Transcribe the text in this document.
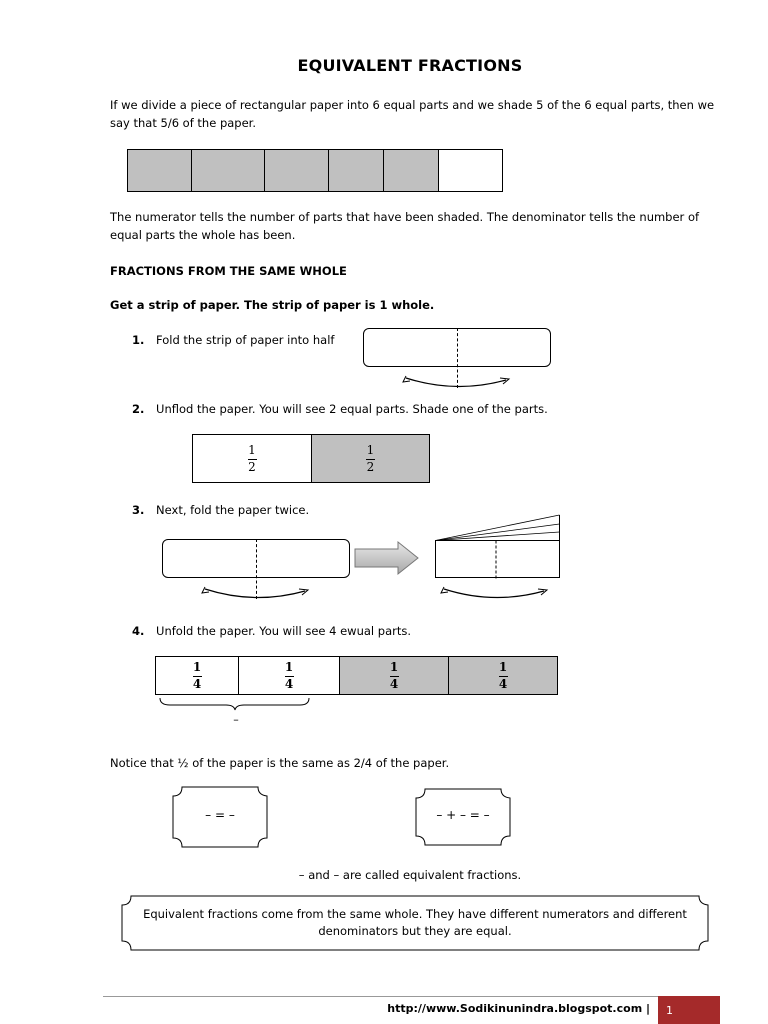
EQUIVALENT FRACTIONS
If we divide a piece of rectangular paper into 6 equal parts and we shade 5 of the 6 equal parts, then we say that 5/6 of the paper.
The numerator tells the number of parts that have been shaded. The denominator tells the number of equal parts the whole has been.
FRACTIONS FROM THE SAME WHOLE
Get a strip of paper. The strip of paper is 1 whole.
1. Fold the strip of paper into half
2. Unflod the paper. You will see 2 equal parts. Shade one of the parts.
$\frac{1}{2} \frac{1}{2}$
3. Next, fold the paper twice.
4. Unfold the paper. You will see 4 ewual parts.
$\frac{1}{4} \frac{1}{4} \frac{1}{4} \frac{1}{4}$
–
Notice that ½ of the paper is the same as 2/4 of the paper.
– = –	– + – = –
– and – are called equivalent fractions.
Equivalent fractions come from the same whole. They have different numerators and different denominators but they are equal.
http://www.Sodikinunindra.blogspot.com | 1
